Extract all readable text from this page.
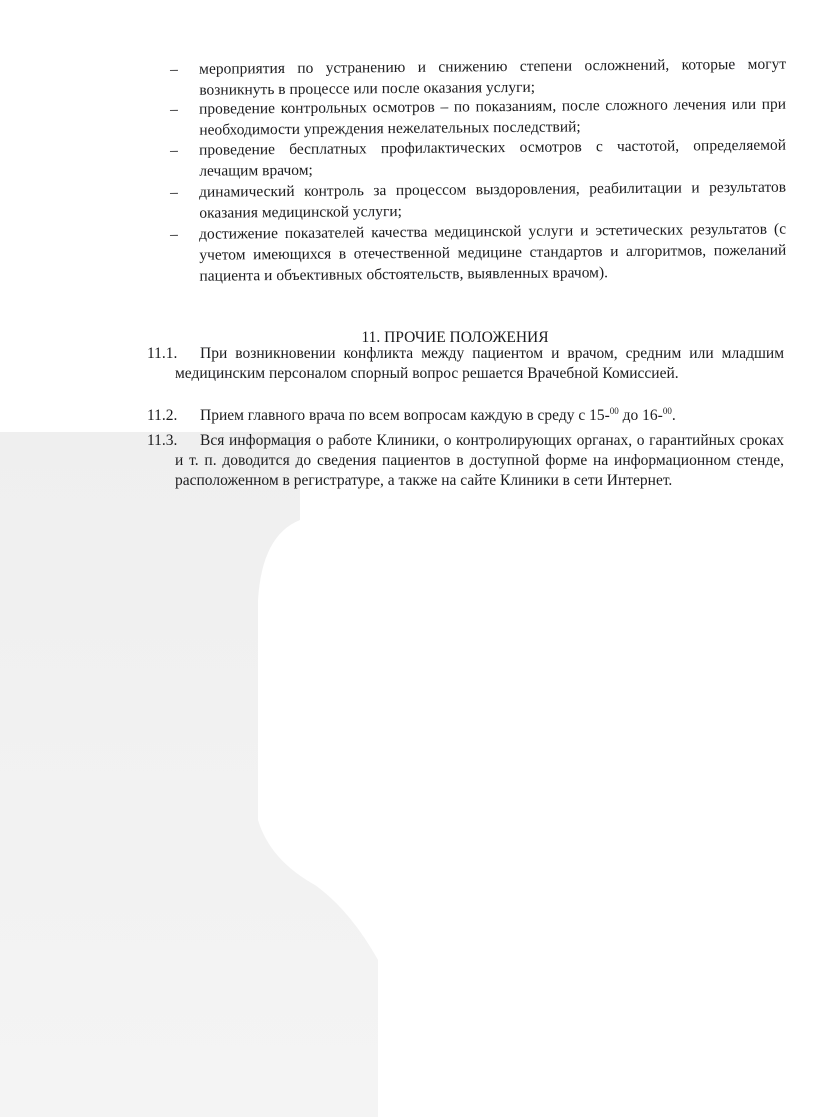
– мероприятия по устранению и снижению степени осложнений, которые могут возникнуть в процессе или после оказания услуги;
– проведение контрольных осмотров – по показаниям, после сложного лечения или при необходимости упреждения нежелательных последствий;
– проведение бесплатных профилактических осмотров с частотой, определяемой лечащим врачом;
– динамический контроль за процессом выздоровления, реабилитации и результатов оказания медицинской услуги;
– достижение показателей качества медицинской услуги и эстетических результатов (с учетом имеющихся в отечественной медицине стандартов и алгоритмов, пожеланий пациента и объективных обстоятельств, выявленных врачом).
11. ПРОЧИЕ ПОЛОЖЕНИЯ
11.1.	При возникновении конфликта между пациентом и врачом, средним или младшим медицинским персоналом спорный вопрос решается Врачебной Комиссией.
11.2.	Прием главного врача по всем вопросам каждую в среду с 15-$^{00}$ до 16-$^{00}$.
11.3.	Вся информация о работе Клиники, о контролирующих органах, о гарантийных сроках и т. п. доводится до сведения пациентов в доступной форме на информационном стенде, расположенном в регистратуре, а также на сайте Клиники в сети Интернет.
